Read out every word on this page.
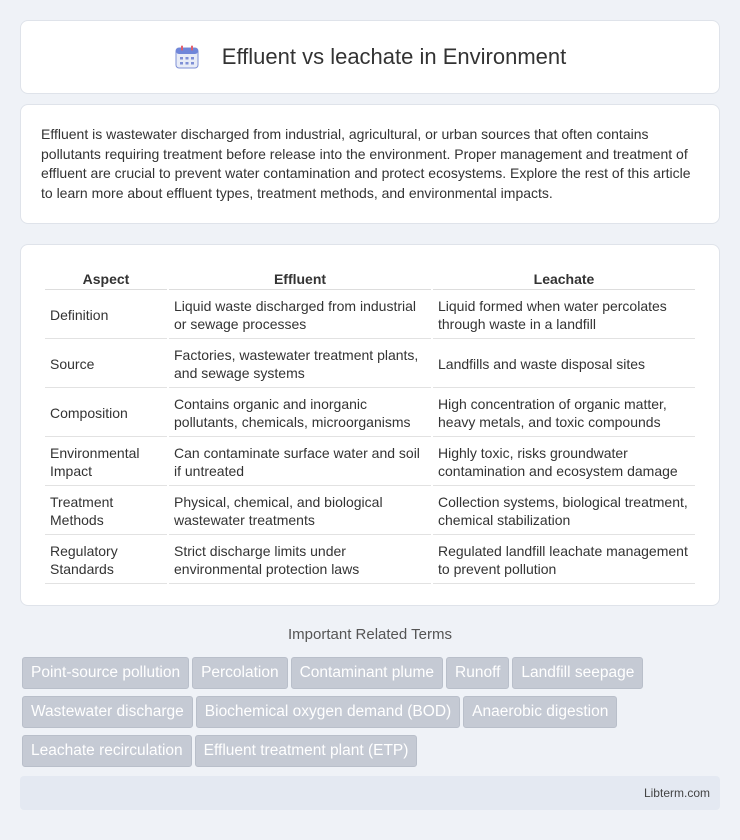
Effluent vs leachate in Environment

Effluent is wastewater discharged from industrial, agricultural, or urban sources that often contains pollutants requiring treatment before release into the environment. Proper management and treatment of effluent are crucial to prevent water contamination and protect ecosystems. Explore the rest of this article to learn more about effluent types, treatment methods, and environmental impacts.

Aspect	Effluent	Leachate
Definition	Liquid waste discharged from industrial or sewage processes	Liquid formed when water percolates through waste in a landfill
Source	Factories, wastewater treatment plants, and sewage systems	Landfills and waste disposal sites
Composition	Contains organic and inorganic pollutants, chemicals, microorganisms	High concentration of organic matter, heavy metals, and toxic compounds
Environmental Impact	Can contaminate surface water and soil if untreated	Highly toxic, risks groundwater contamination and ecosystem damage
Treatment Methods	Physical, chemical, and biological wastewater treatments	Collection systems, biological treatment, chemical stabilization
Regulatory Standards	Strict discharge limits under environmental protection laws	Regulated landfill leachate management to prevent pollution
Important Related Terms
Point-source pollution Percolation Contaminant plume Runoff Landfill seepage
Wastewater discharge Biochemical oxygen demand (BOD) Anaerobic digestion
Leachate recirculation Effluent treatment plant (ETP)
Libterm.com
